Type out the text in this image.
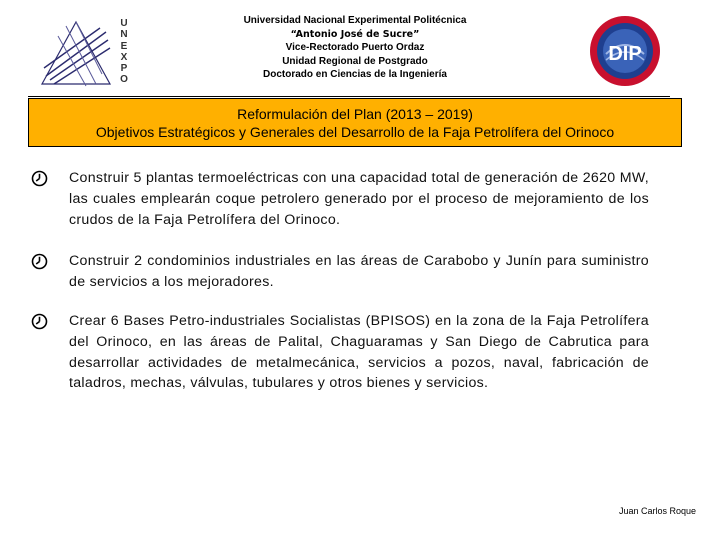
U
N
E
X
P
O
Universidad Nacional Experimental Politécnica
“Antonio José de Sucre”
Vice-Rectorado Puerto Ordaz
Unidad Regional de Postgrado
Doctorado en Ciencias de la Ingeniería
DIP
Reformulación del Plan (2013 – 2019)
Objetivos Estratégicos y Generales del Desarrollo de la Faja Petrolífera del Orinoco
Construir 5 plantas termoeléctricas con una capacidad total de generación de 2620 MW, las cuales emplearán coque petrolero generado por el proceso de mejoramiento de los crudos de la Faja Petrolífera del Orinoco.
Construir 2 condominios industriales en las áreas de Carabobo y Junín para suministro de servicios a los mejoradores.
Crear 6 Bases Petro-industriales Socialistas (BPISOS) en la zona de la Faja Petrolífera del Orinoco, en las áreas de Palital, Chaguaramas y San Diego de Cabrutica para desarrollar actividades de metalmecánica, servicios a pozos, naval, fabricación de taladros, mechas, válvulas, tubulares y otros bienes y servicios.
Juan Carlos Roque
